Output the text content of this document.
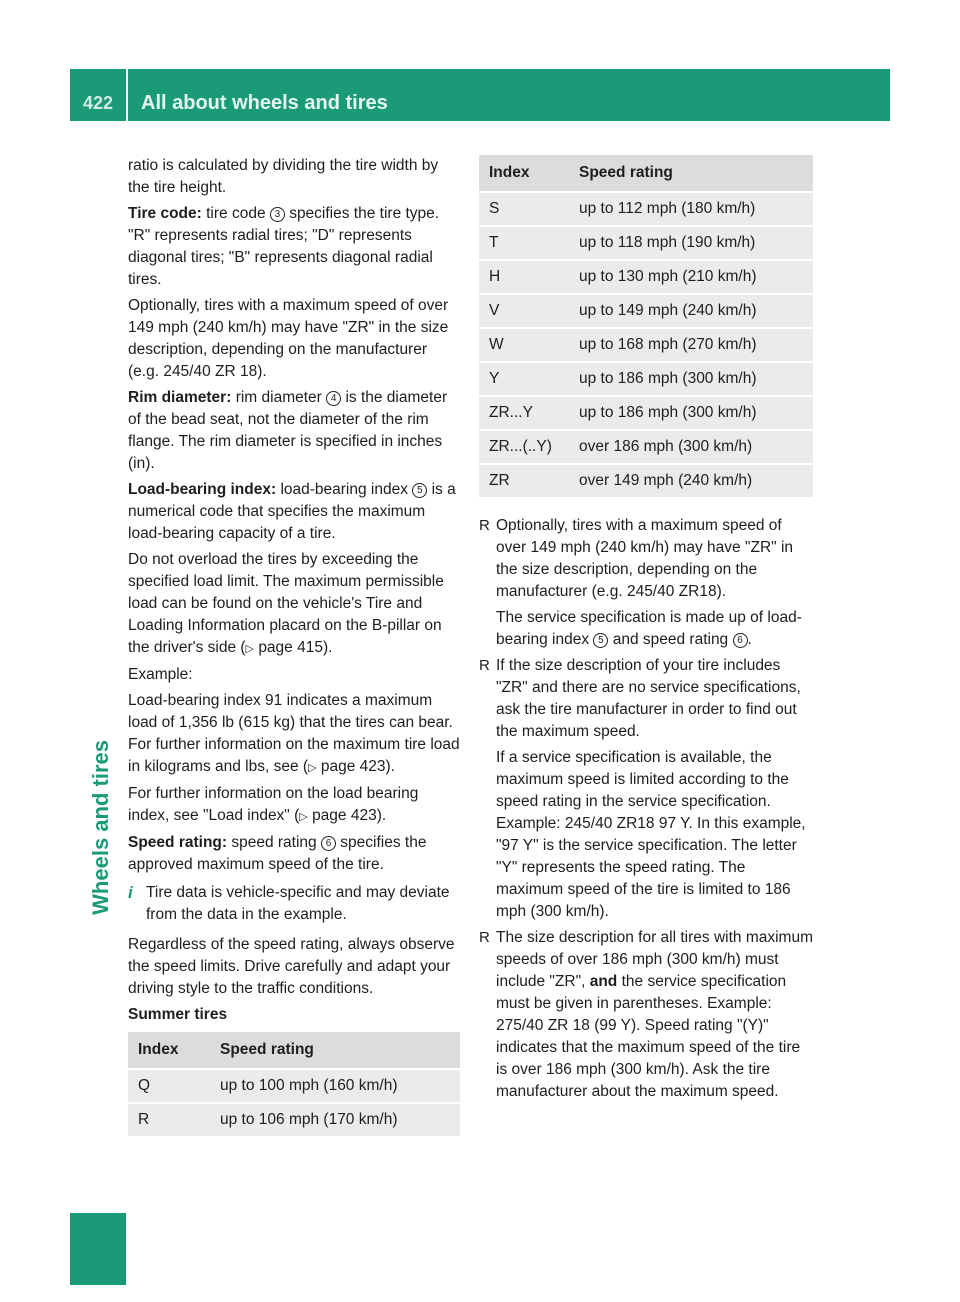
422	All about wheels and tires
Wheels and tires

ratio is calculated by dividing the tire width by the tire height.

Tire code: tire code 3 specifies the tire type. "R" represents radial tires; "D" represents diagonal tires; "B" represents diagonal radial tires.

Optionally, tires with a maximum speed of over 149 mph (240 km/h) may have "ZR" in the size description, depending on the manufacturer (e.g. 245/40 ZR 18).

Rim diameter: rim diameter 4 is the diameter of the bead seat, not the diameter of the rim flange. The rim diameter is specified in inches (in).

Load-bearing index: load-bearing index 5 is a numerical code that specifies the maximum load-bearing capacity of a tire.

Do not overload the tires by exceeding the specified load limit. The maximum permissible load can be found on the vehicle's Tire and Loading Information placard on the B-pillar on the driver's side (▷ page 415).

Example:

Load-bearing index 91 indicates a maximum load of 1,356 lb (615 kg) that the tires can bear. For further information on the maximum tire load in kilograms and lbs, see (▷ page 423).

For further information on the load bearing index, see "Load index" (▷ page 423).

Speed rating: speed rating 6 specifies the approved maximum speed of the tire.

i Tire data is vehicle-specific and may deviate from the data in the example.

Regardless of the speed rating, always observe the speed limits. Drive carefully and adapt your driving style to the traffic conditions.

Summer tires

Index	Speed rating
Q	up to 100 mph (160 km/h)
R	up to 106 mph (170 km/h)
Index	Speed rating
S	up to 112 mph (180 km/h)
T	up to 118 mph (190 km/h)
H	up to 130 mph (210 km/h)
V	up to 149 mph (240 km/h)
W	up to 168 mph (270 km/h)
Y	up to 186 mph (300 km/h)
ZR...Y	up to 186 mph (300 km/h)
ZR...(..Y)	over 186 mph (300 km/h)
ZR	over 149 mph (240 km/h)
R Optionally, tires with a maximum speed of over 149 mph (240 km/h) may have "ZR" in the size description, depending on the manufacturer (e.g. 245/40 ZR18).

The service specification is made up of load-bearing index 5 and speed rating 6 .

R If the size description of your tire includes "ZR" and there are no service specifications, ask the tire manufacturer in order to find out the maximum speed.

If a service specification is available, the maximum speed is limited according to the speed rating in the service specification. Example: 245/40 ZR18 97 Y. In this example, "97 Y" is the service specification. The letter "Y" represents the speed rating. The maximum speed of the tire is limited to 186 mph (300 km/h).

R The size description for all tires with maximum speeds of over 186 mph (300 km/h) must include "ZR", and the service specification must be given in parentheses. Example: 275/40 ZR 18 (99 Y). Speed rating "(Y)" indicates that the maximum speed of the tire is over 186 mph (300 km/h). Ask the tire manufacturer about the maximum speed.
